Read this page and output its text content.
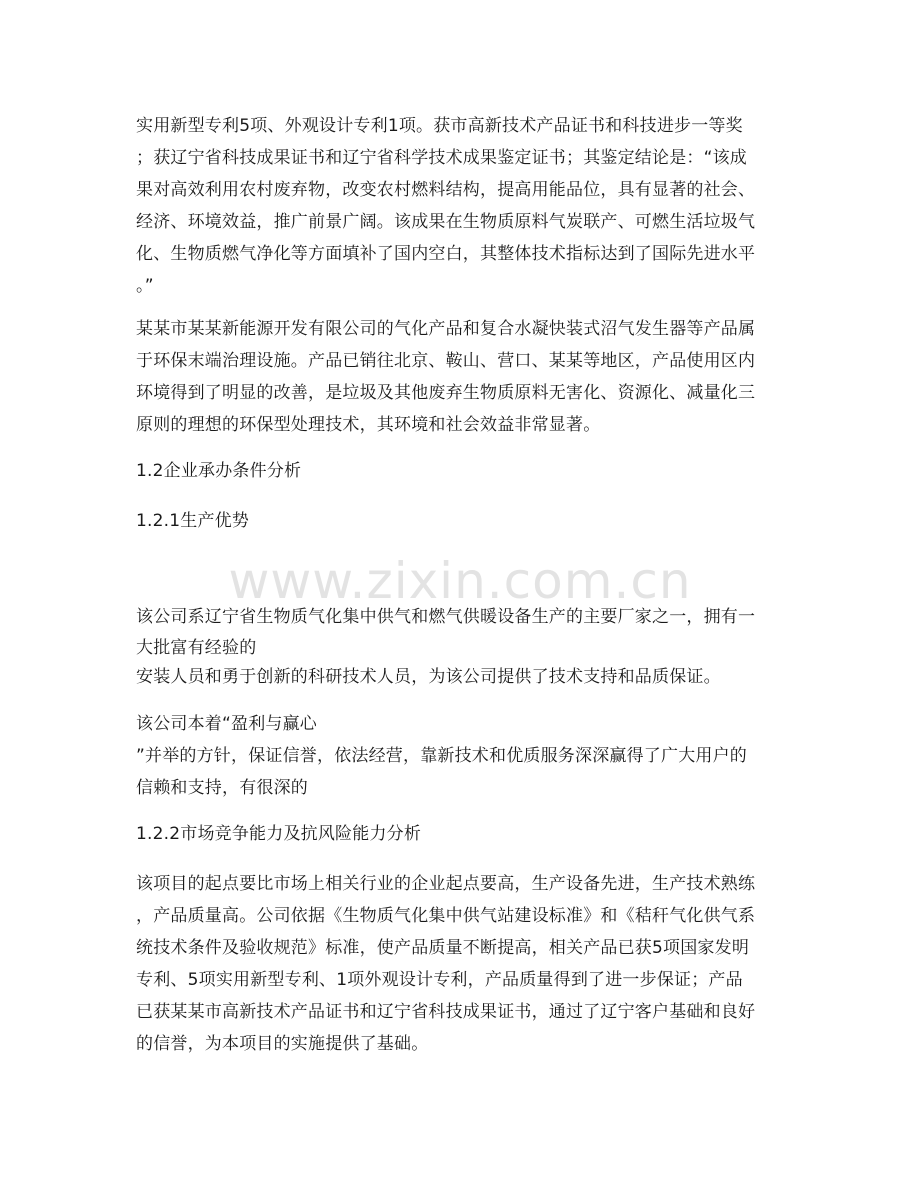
www.zixin.com.cn
实用新型专利5项、外观设计专利1项。获市高新技术产品证书和科技进步一等奖
；获辽宁省科技成果证书和辽宁省科学技术成果鉴定证书；其鉴定结论是：“该成
果对高效利用农村废弃物，改变农村燃料结构，提高用能品位，具有显著的社会、
经济、环境效益，推广前景广阔。该成果在生物质原料气炭联产、可燃生活垃圾气
化、生物质燃气净化等方面填补了国内空白，其整体技术指标达到了国际先进水平
。”
某某市某某新能源开发有限公司的气化产品和复合水凝快装式沼气发生器等产品属
于环保末端治理设施。产品已销往北京、鞍山、营口、某某等地区，产品使用区内
环境得到了明显的改善，是垃圾及其他废弃生物质原料无害化、资源化、减量化三
原则的理想的环保型处理技术，其环境和社会效益非常显著。
1.2企业承办条件分析
1.2.1生产优势
该公司系辽宁省生物质气化集中供气和燃气供暖设备生产的主要厂家之一，拥有一
大批富有经验的
安装人员和勇于创新的科研技术人员，为该公司提供了技术支持和品质保证。
该公司本着“盈利与赢心
”并举的方针，保证信誉，依法经营，靠新技术和优质服务深深赢得了广大用户的
信赖和支持，有很深的
1.2.2市场竞争能力及抗风险能力分析
该项目的起点要比市场上相关行业的企业起点要高，生产设备先进，生产技术熟练
，产品质量高。公司依据《生物质气化集中供气站建设标准》和《秸秆气化供气系
统技术条件及验收规范》标准，使产品质量不断提高，相关产品已获5项国家发明
专利、5项实用新型专利、1项外观设计专利，产品质量得到了进一步保证；产品
已获某某市高新技术产品证书和辽宁省科技成果证书，通过了辽宁客户基础和良好
的信誉，为本项目的实施提供了基础。
